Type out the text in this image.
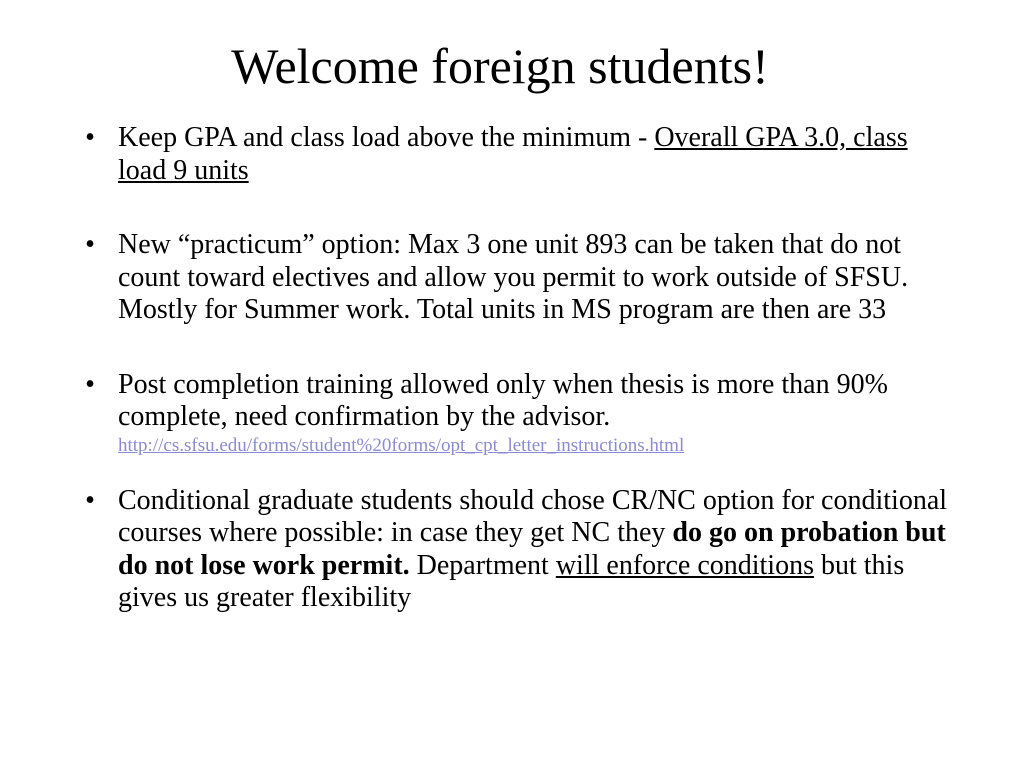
Welcome foreign students!
• Keep GPA and class load above the minimum - Overall GPA 3.0, class load 9 units
• New “practicum” option: Max 3 one unit 893 can be taken that do not count toward electives and allow you permit to work outside of SFSU. Mostly for Summer work. Total units in MS program are then are 33
• Post completion training allowed only when thesis is more than 90% complete, need confirmation by the advisor.
http://cs.sfsu.edu/forms/student%20forms/opt_cpt_letter_instructions.html
• Conditional graduate students should chose CR/NC option for conditional courses where possible: in case they get NC they do go on probation but do not lose work permit. Department will enforce conditions but this gives us greater flexibility
